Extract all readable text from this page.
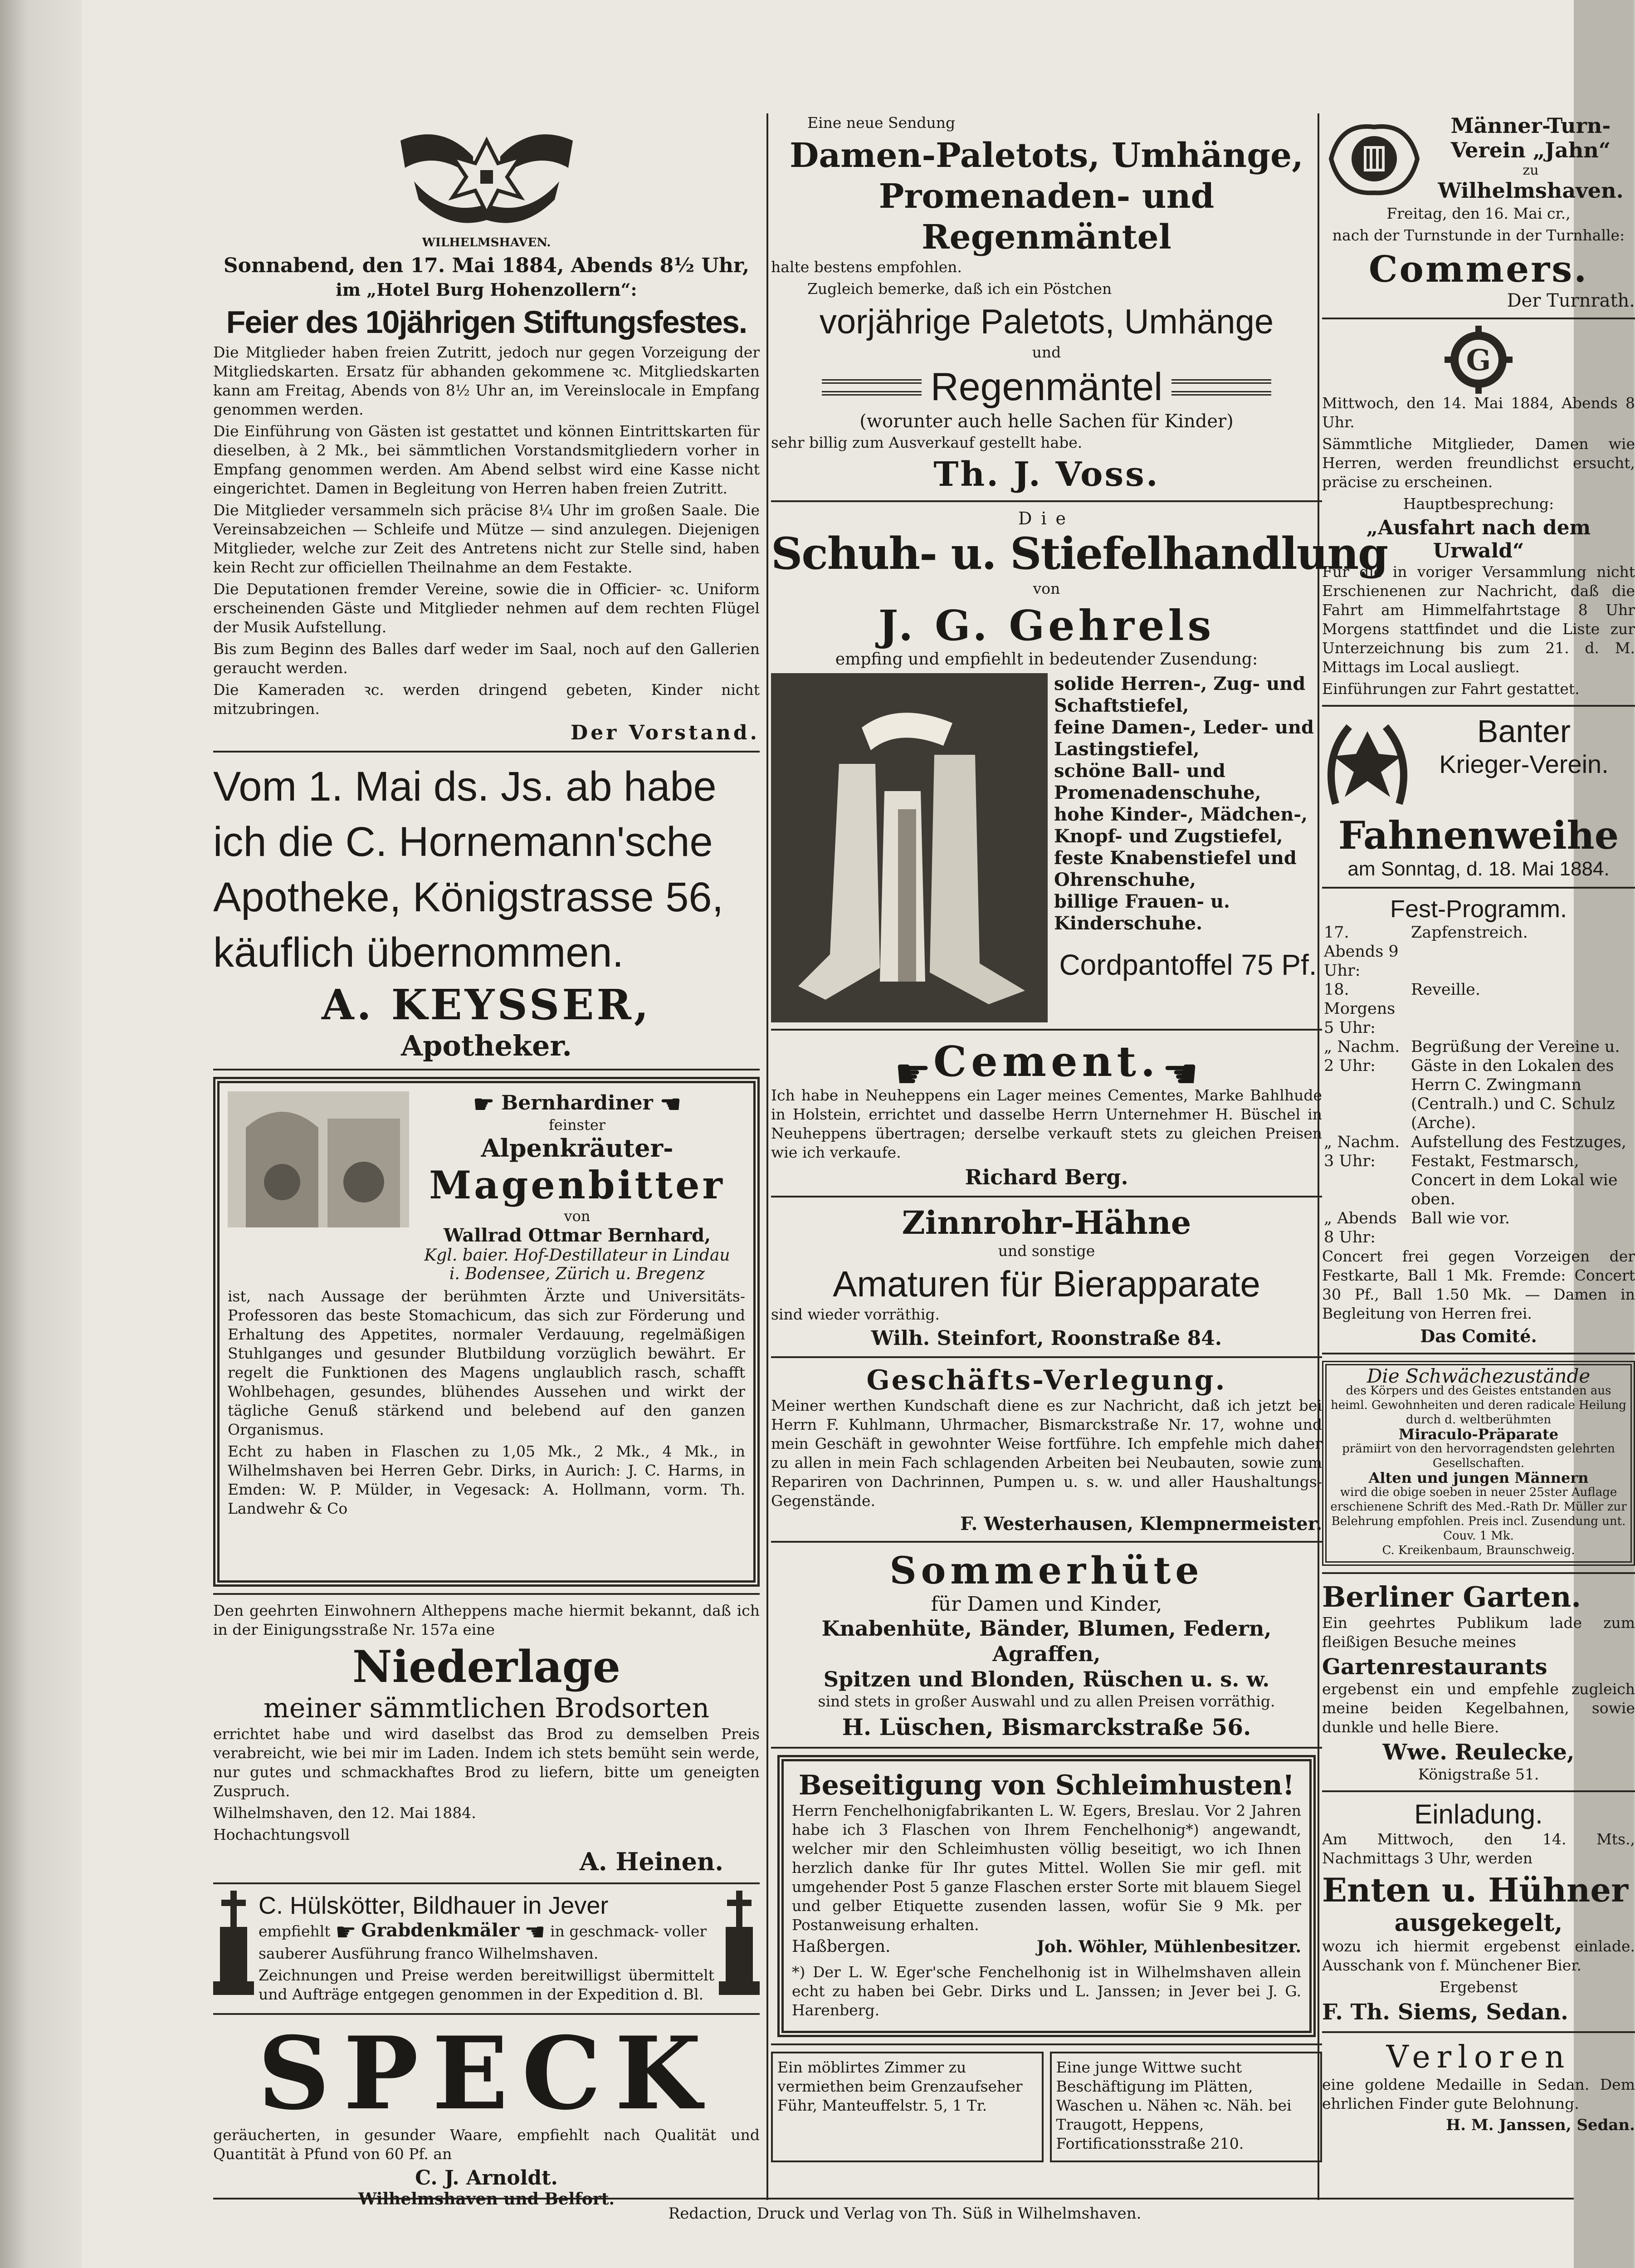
WILHELMSHAVEN.
Sonnabend, den 17. Mai 1884, Abends 8½ Uhr,
im „Hotel Burg Hohenzollern“:
Feier des 10jährigen Stiftungsfestes.

Die Mitglieder haben freien Zutritt, jedoch nur gegen Vorzeigung der Mitgliedskarten. Ersatz für abhanden gekommene ꝛc. Mitgliedskarten kann am Freitag, Abends von 8½ Uhr an, im Vereinslocale in Empfang genommen werden.

Die Einführung von Gästen ist gestattet und können Eintrittskarten für dieselben, à 2 Mk., bei sämmtlichen Vorstandsmitgliedern vorher in Empfang genommen werden. Am Abend selbst wird eine Kasse nicht eingerichtet. Damen in Begleitung von Herren haben freien Zutritt.

Die Mitglieder versammeln sich präcise 8¼ Uhr im großen Saale. Die Vereinsabzeichen — Schleife und Mütze — sind anzulegen. Diejenigen Mitglieder, welche zur Zeit des Antretens nicht zur Stelle sind, haben kein Recht zur officiellen Theilnahme an dem Festakte.

Die Deputationen fremder Vereine, sowie die in Officier- ꝛc. Uniform erscheinenden Gäste und Mitglieder nehmen auf dem rechten Flügel der Musik Aufstellung.

Bis zum Beginn des Balles darf weder im Saal, noch auf den Gallerien geraucht werden.

Die Kameraden ꝛc. werden dringend gebeten, Kinder nicht mitzubringen.

Der Vorstand.
Vom 1. Mai ds. Js. ab habe
ich die C. Hornemann'sche
Apotheke, Königstrasse 56,
käuflich übernommen.
A. KEYSSER,
Apotheker.
☛ Bernhardiner ☚
feinster
Alpenkräuter-
Magenbitter
von
Wallrad Ottmar Bernhard,
Kgl. baier. Hof-Destillateur in Lindau
i. Bodensee, Zürich u. Bregenz

ist, nach Aussage der berühmten Ärzte und Universitäts-Professoren das beste Stomachicum, das sich zur Förderung und Erhaltung des Appetites, normaler Verdauung, regelmäßigen Stuhlganges und gesunder Blutbildung vorzüglich bewährt. Er regelt die Funktionen des Magens unglaublich rasch, schafft Wohlbehagen, gesundes, blühendes Aussehen und wirkt der tägliche Genuß stärkend und belebend auf den ganzen Organismus.

Echt zu haben in Flaschen zu 1,05 Mk., 2 Mk., 4 Mk., in Wilhelmshaven bei Herren Gebr. Dirks, in Aurich: J. C. Harms, in Emden: W. P. Mülder, in Vegesack: A. Hollmann, vorm. Th. Landwehr & Co

Den geehrten Einwohnern Altheppens mache hiermit bekannt, daß ich in der Einigungsstraße Nr. 157a eine

Niederlage
meiner sämmtlichen Brodsorten

errichtet habe und wird daselbst das Brod zu demselben Preis verabreicht, wie bei mir im Laden. Indem ich stets bemüht sein werde, nur gutes und schmackhaftes Brod zu liefern, bitte um geneigten Zuspruch.

Wilhelmshaven, den 12. Mai 1884.
Hochachtungsvoll
A. Heinen.
C. Hülskötter, Bildhauer in Jever
empfiehlt ☛ Grabdenkmäler ☚ in geschmack- voller sauberer Ausführung franco Wilhelmshaven.

Zeichnungen und Preise werden bereitwilligst übermittelt und Aufträge entgegen genommen in der Expedition d. Bl.

SPECK

geräucherten, in gesunder Waare, empfiehlt nach Qualität und Quantität à Pfund von 60 Pf. an

C. J. Arnoldt.
Wilhelmshaven und Belfort.
Eine neue Sendung
Damen-Paletots, Umhänge, Promenaden- und Regenmäntel
halte bestens empfohlen.
Zugleich bemerke, daß ich ein Pöstchen
vorjährige Paletots, Umhänge
und
Regenmäntel
(worunter auch helle Sachen für Kinder)
sehr billig zum Ausverkauf gestellt habe.
Th. J. Voss.
Die
Schuh- u. Stiefelhandlung
von
J. G. Gehrels
empfing und empfiehlt in bedeutender Zusendung:
solide Herren-, Zug- und Schaftstiefel,
feine Damen-, Leder- und Lastingstiefel,
schöne Ball- und Promenadenschuhe,
hohe Kinder-, Mädchen-, Knopf- und Zugstiefel,
feste Knabenstiefel und Ohrenschuhe,
billige Frauen- u. Kinderschuhe.
Cordpantoffel 75 Pf.
☛ Cement. ☚

Ich habe in Neuheppens ein Lager meines Cementes, Marke Bahlhude in Holstein, errichtet und dasselbe Herrn Unternehmer H. Büschel in Neuheppens übertragen; derselbe verkauft stets zu gleichen Preisen wie ich verkaufe.

Richard Berg.
Zinnrohr-Hähne
und sonstige
Amaturen für Bierapparate
sind wieder vorräthig.
Wilh. Steinfort, Roonstraße 84.
Geschäfts-Verlegung.

Meiner werthen Kundschaft diene es zur Nachricht, daß ich jetzt bei Herrn F. Kuhlmann, Uhrmacher, Bismarckstraße Nr. 17, wohne und mein Geschäft in gewohnter Weise fortführe. Ich empfehle mich daher zu allen in mein Fach schlagenden Arbeiten bei Neubauten, sowie zum Repariren von Dachrinnen, Pumpen u. s. w. und aller Haushaltungs-Gegenstände.

F. Westerhausen, Klempnermeister.
Sommerhüte
für Damen und Kinder,
Knabenhüte, Bänder, Blumen, Federn, Agraffen,
Spitzen und Blonden, Rüschen u. s. w.
sind stets in großer Auswahl und zu allen Preisen vorräthig.
H. Lüschen, Bismarckstraße 56.
Beseitigung von Schleimhusten!

Herrn Fenchelhonigfabrikanten L. W. Egers, Breslau. Vor 2 Jahren habe ich 3 Flaschen von Ihrem Fenchelhonig*) angewandt, welcher mir den Schleimhusten völlig beseitigt, wo ich Ihnen herzlich danke für Ihr gutes Mittel. Wollen Sie mir gefl. mit umgehender Post 5 ganze Flaschen erster Sorte mit blauem Siegel und gelber Etiquette zusenden lassen, wofür Sie 9 Mk. per Postanweisung erhalten.

Haßbergen.	Joh. Wöhler, Mühlenbesitzer.

*) Der L. W. Eger'sche Fenchelhonig ist in Wilhelmshaven allein echt zu haben bei Gebr. Dirks und L. Janssen; in Jever bei J. G. Harenberg.

Ein möblirtes Zimmer zu vermiethen beim Grenzaufseher Führ, Manteuffelstr. 5, 1 Tr.

Eine junge Wittwe sucht Beschäftigung im Plätten, Waschen u. Nähen ꝛc. Näh. bei Traugott, Heppens, Fortificationsstraße 210.

Männer-Turn-
Verein „Jahn“
zu
Wilhelmshaven.
Freitag, den 16. Mai cr.,
nach der Turnstunde in der Turnhalle:
Commers.
Der Turnrath.
G

Mittwoch, den 14. Mai 1884, Abends 8 Uhr.

Sämmtliche Mitglieder, Damen wie Herren, werden freundlichst ersucht, präcise zu erscheinen.

Hauptbesprechung:
„Ausfahrt nach dem Urwald“

Für die in voriger Versammlung nicht Erschienenen zur Nachricht, daß die Fahrt am Himmelfahrtstage 8 Uhr Morgens stattfindet und die Liste zur Unterzeichnung bis zum 21. d. M. Mittags im Local ausliegt.

Einführungen zur Fahrt gestattet.
Banter
Krieger-Verein.
Fahnenweihe
am Sonntag, d. 18. Mai 1884.
Fest-Programm.
17. Abends 9 Uhr:	Zapfenstreich.
18. Morgens 5 Uhr:	Reveille.
„ Nachm. 2 Uhr:	Begrüßung der Vereine u. Gäste in den Lokalen des Herrn C. Zwingmann (Centralh.) und C. Schulz (Arche).
„ Nachm. 3 Uhr:	Aufstellung des Festzuges, Festakt, Festmarsch, Concert in dem Lokal wie oben.
„ Abends 8 Uhr:	Ball wie vor.

Concert frei gegen Vorzeigen der Festkarte, Ball 1 Mk. Fremde: Concert 30 Pf., Ball 1.50 Mk. — Damen in Begleitung von Herren frei.

Das Comité.
Die Schwächezustände
des Körpers und des Geistes entstanden aus heiml. Gewohnheiten und deren radicale Heilung durch d. weltberühmten
Miraculo-Präparate
prämiirt von den hervorragendsten gelehrten Gesellschaften.
Alten und jungen Männern
wird die obige soeben in neuer 25ster Auflage erschienene Schrift des Med.-Rath Dr. Müller zur Belehrung empfohlen. Preis incl. Zusendung unt. Couv. 1 Mk.
C. Kreikenbaum, Braunschweig.
Berliner Garten.

Ein geehrtes Publikum lade zum fleißigen Besuche meines

Gartenrestaurants

ergebenst ein und empfehle zugleich meine beiden Kegelbahnen, sowie dunkle und helle Biere.

Wwe. Reulecke,
Königstraße 51.
Einladung.

Am Mittwoch, den 14. Mts., Nachmittags 3 Uhr, werden

Enten u. Hühner
ausgekegelt,

wozu ich hiermit ergebenst einlade. Ausschank von f. Münchener Bier.

Ergebenst
F. Th. Siems, Sedan.
Verloren

eine goldene Medaille in Sedan. Dem ehrlichen Finder gute Belohnung.

H. M. Janssen, Sedan.
Redaction, Druck und Verlag von Th. Süß in Wilhelmshaven.
